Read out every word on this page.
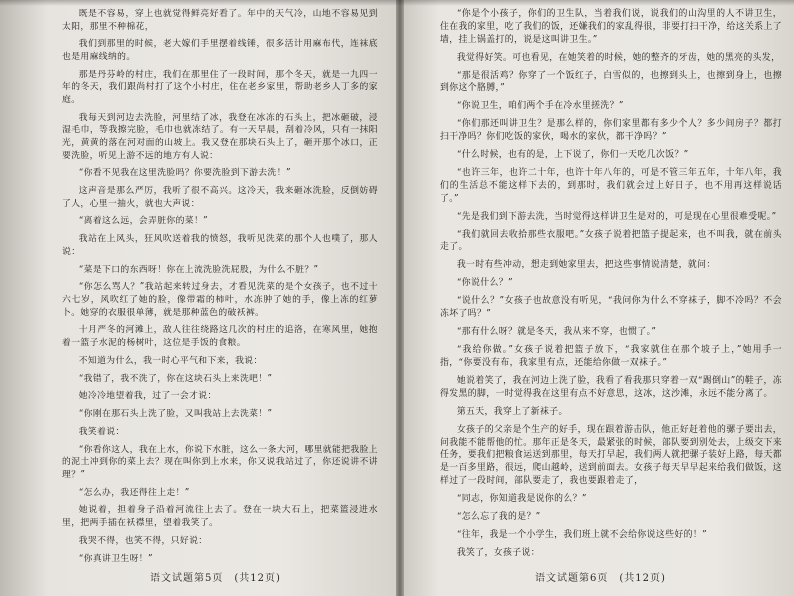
既是不容易，穿上也就觉得鲜亮好看了。年中的天气冷，山地不容易见到太阳，那里不种棉花，

我们到那里的时候，老大嫁们手里摆着线锤，很多活计用麻布代，连袜底也是用麻线纳的。

那是丹芬岭的村庄，我们在那里住了一段时间，那个冬天，就是一九四一年的冬天，我们跟尚村打了这个小村庄，住在老乡家里，帮助老乡人丁多的家庭。

我每天到河边去洗脸，河里结了冰，我登在冰冻的石头上，把冰砸破，浸湿毛巾，等我擦完脸，毛巾也就冻结了。有一天早晨，刮着冷风，只有一抹阳光，黄黄的落在河对面的山坡上。我又登在那块石头上了，砸开那个冰口，正要洗脸，听见上游不远的地方有人说：

“你看不见我在这里洗脸吗？你要洗脸到下游去洗！”

这声音是那么严厉，我听了很不高兴。这冷天，我来砸冰洗脸，反倒妨碍了人，心里一抽火，就也大声说：

“离着这么远，会弄脏你的菜！”

我站在上风头，狂风吹送着我的愤怒，我听见洗菜的那个人也噗了，那人说：

“菜是下口的东西呀！你在上流洗脸洗屁股，为什么不脏？”

“你怎么骂人？”我站起来转过身去，才看见洗菜的是个女孩子，也不过十六七岁，风吹红了她的脸，像带霜的柿叶，水冻肿了她的手，像上冻的红萝卜。她穿的衣服很单薄，就是那种蓝色的破袄裤。

十月严冬的河滩上，敌人往往绕路这几次的村庄的追洛，在寒风里，她抱着一篮子水泥的杨树叶，这位是手饭的食粮。

不知道为什么，我一时心平气和下来，我说：

“我错了，我不洗了，你在这块石头上来洗吧！”

她冷冷地望着我，过了一会才说：

“你刚在那石头上洗了脸，又叫我站上去洗菜！”

我笑着说：

“你看你这人，我在上水，你说下水脏，这么一条大河，哪里就能把我脸上的泥土冲到你的菜上去？现在叫你到上水来，你又说我站过了，你还说讲不讲理？”

“怎么办，我还得往上走！”

她说着，担着身子沿着河流往上去了。登在一块大石上，把菜篮浸进水里，把两手插在袄襟里，望着我笑了。

我哭不得，也笑不得，只好说：

“你真讲卫生呀！”

语文试题第5页　(共12页)

“你是个小孩子，你们的卫生队，当着我们说，说我们的山沟里的人不讲卫生，住在我的家里，吃了我们的饭，还嫌我们的家乱得很，非要打扫干净，给这关系上了墙，挂上锅盖打的，说是这叫讲卫生。”

我觉得好笑。可也看见，在她笑着的时候，她的整齐的牙齿，她的黑亮的头发，

“那是很活鸡？你穿了一个饭红子，白雪似的，也擦到头上，也擦到身上，也擦到你这个胳膊，”

“你说卫生，咱们两个手在冷水里搓洗？”

“你们那还叫讲卫生？是那么样的，你们家里都有多少个人？多少间房子？都打扫干净吗？你们吃饭的家伙，喝水的家伙，都干净吗？”

“什么时候，也有的是，上下说了，你们一天吃几次饭？”

“也许三年，也许二十年，也许十年八年的，可是不管三年五年，十年八年，我们的生活总不能这样下去的，到那时，我们就会过上好日子，也不用再这样说话了。”

“先是我们到下游去洗，当时觉得这样讲卫生是对的，可是现在心里很难受呢。”

“我们就回去收拾那些衣服吧。”女孩子说着把篮子提起来，也不叫我，就在前头走了。

我一时有些冲动，想走到她家里去，把这些事情说清楚，就问：

“你说什么？”

“说什么？”女孩子也故意没有听见，“我问你为什么不穿袜子，脚不冷吗？不会冻坏了吗？”

“那有什么呀？就是冬天，我从来不穿，也惯了。”

“我给你做。”女孩子说着把篮子放下，“我家就住在那个坡子上，”她用手一指，“你要没有布，我家里有点，还能给你做一双袜子。”

她说着笑了，我在河边上洗了脸，我看了看我那只穿着一双“踢倒山”的鞋子，冻得发黑的脚，一时觉得我在这里有点不好意思，这冰，这沙滩，永远不能分离了。

第五天，我穿上了新袜子。

女孩子的父亲是个生产的好手，现在跟着游击队，他正好赶着他的骡子要出去，问我能不能帮他的忙。那年正是冬天，最紧张的时候，部队要到别处去，上级交下来任务，要我们把粮食运送到那里，每天打早起，我们两人就把骡子装好上路，每天都是一百多里路，很远，爬山越岭，送到前面去。女孩子每天早早起来给我们做饭，这样过了一段时间，部队要走了，我也要跟着走了，

“同志，你知道我是说你的么？”

“怎么忘了我的是？”

“往年，我是一个小学生，我们班上就不会给你说这些好的！”

我笑了，女孩子说：

语文试题第6页　(共12页)
